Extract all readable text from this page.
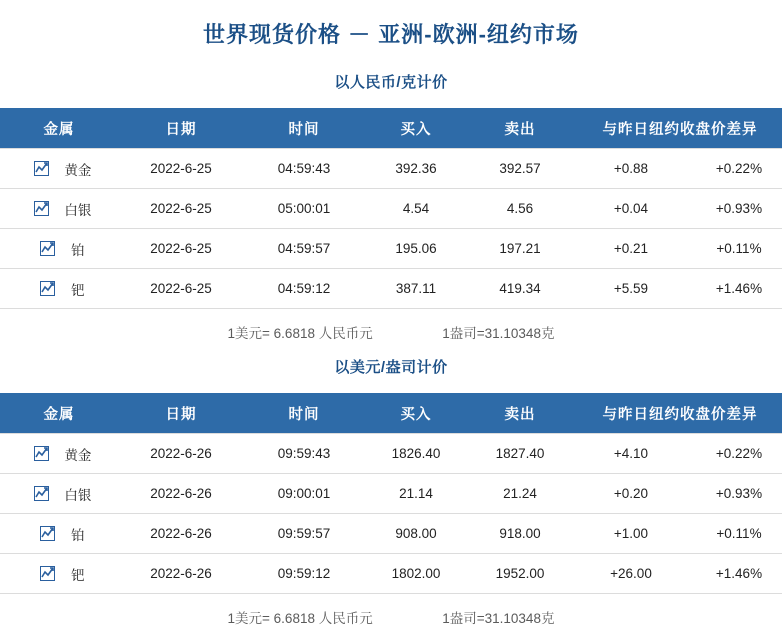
世界现货价格 － 亚洲-欧洲-纽约市场
以人民币/克计价
金属	日期	时间	买入	卖出	与昨日纽约收盘价差异	

黄金	2022-6-25	04:59:43	392.36	392.57	+0.88	+0.22%

白银	2022-6-25	05:00:01	4.54	4.56	+0.04	+0.93%

铂	2022-6-25	04:59:57	195.06	197.21	+0.21	+0.11%

钯	2022-6-25	04:59:12	387.11	419.34	+5.59	+1.46%
1美元= 6.6818 人民币元	1盎司=31.10348克
以美元/盎司计价
金属	日期	时间	买入	卖出	与昨日纽约收盘价差异	

黄金	2022-6-26	09:59:43	1826.40	1827.40	+4.10	+0.22%

白银	2022-6-26	09:00:01	21.14	21.24	+0.20	+0.93%

铂	2022-6-26	09:59:57	908.00	918.00	+1.00	+0.11%

钯	2022-6-26	09:59:12	1802.00	1952.00	+26.00	+1.46%
1美元= 6.6818 人民币元	1盎司=31.10348克
